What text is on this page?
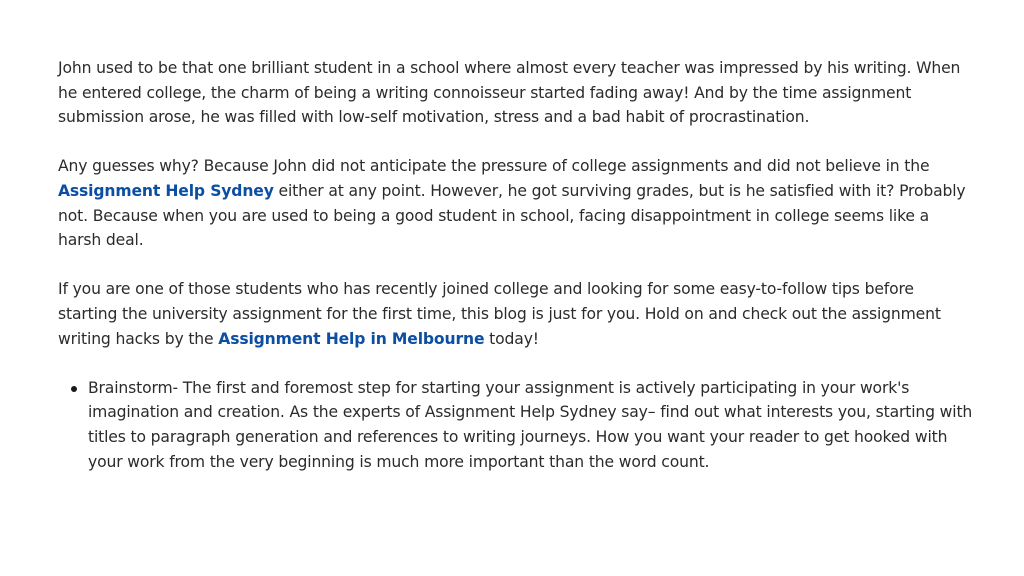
John used to be that one brilliant student in a school where almost every teacher was impressed by his writing. When he entered college, the charm of being a writing connoisseur started fading away! And by the time assignment submission arose, he was filled with low-self motivation, stress and a bad habit of procrastination.

Any guesses why? Because John did not anticipate the pressure of college assignments and did not believe in the Assignment Help Sydney either at any point. However, he got surviving grades, but is he satisfied with it? Probably not. Because when you are used to being a good student in school, facing disappointment in college seems like a harsh deal.

If you are one of those students who has recently joined college and looking for some easy-to-follow tips before starting the university assignment for the first time, this blog is just for you. Hold on and check out the assignment writing hacks by the Assignment Help in Melbourne today!

Brainstorm- The first and foremost step for starting your assignment is actively participating in your work's imagination and creation. As the experts of Assignment Help Sydney say– find out what interests you, starting with titles to paragraph generation and references to writing journeys. How you want your reader to get hooked with your work from the very beginning is much more important than the word count.
